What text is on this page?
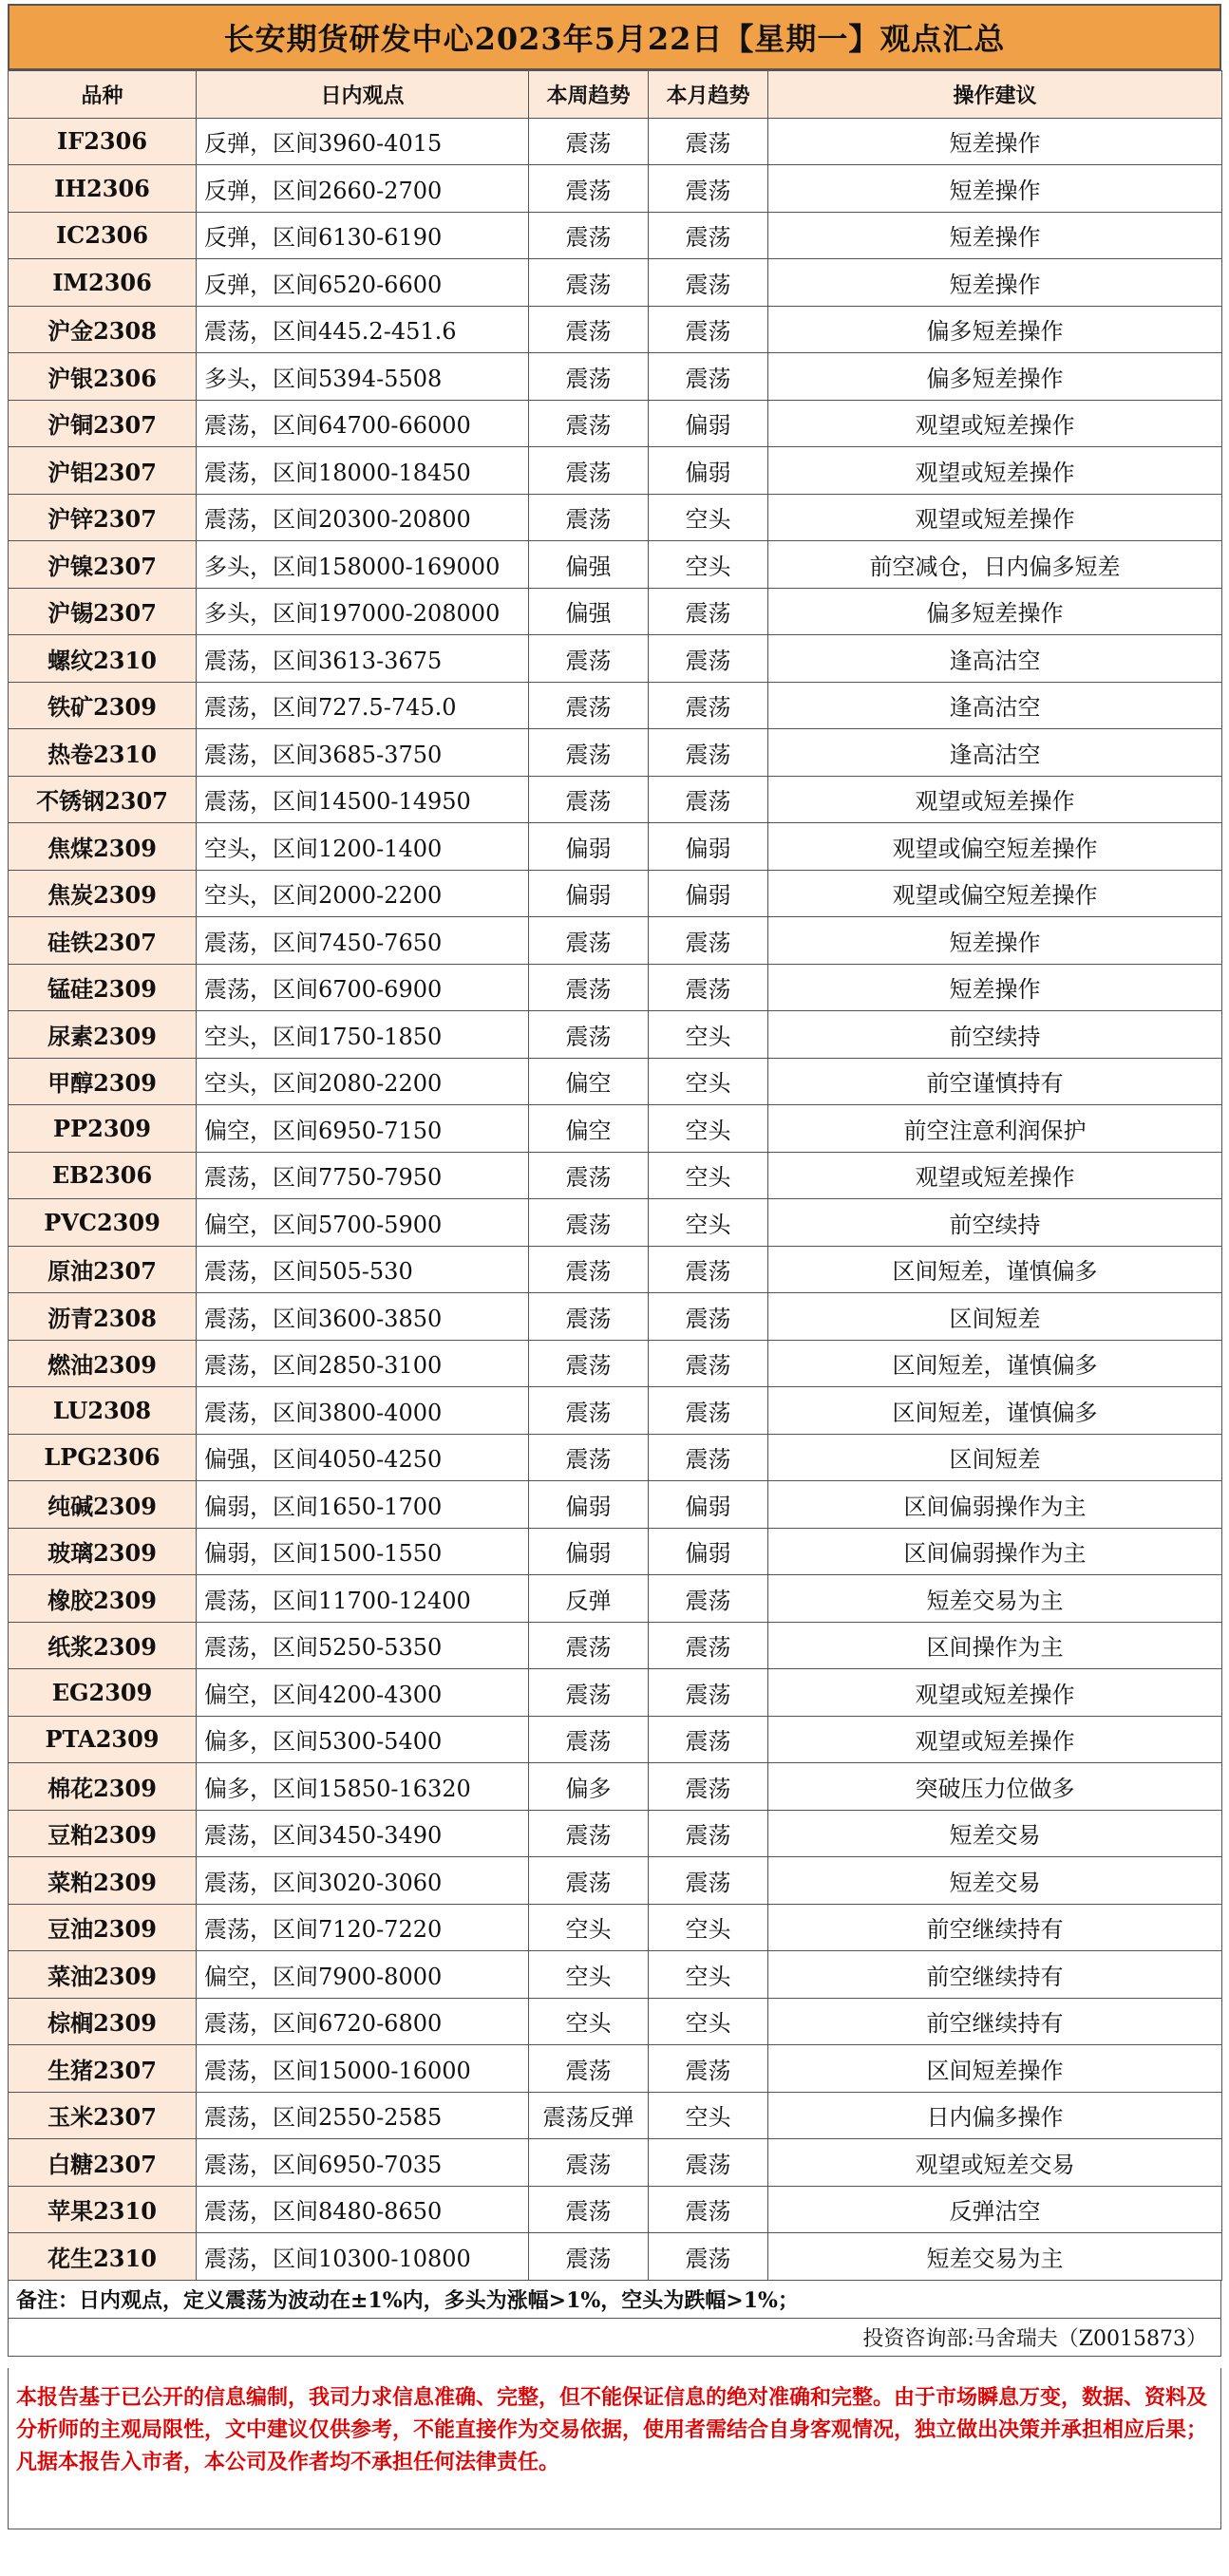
长安期货研发中心2023年5月22日【星期一】观点汇总
品种	日内观点	本周趋势	本月趋势	操作建议
IF2306	反弹，区间3960-4015	震荡	震荡	短差操作
IH2306	反弹，区间2660-2700	震荡	震荡	短差操作
IC2306	反弹，区间6130-6190	震荡	震荡	短差操作
IM2306	反弹，区间6520-6600	震荡	震荡	短差操作
沪金2308	震荡，区间445.2-451.6	震荡	震荡	偏多短差操作
沪银2306	多头，区间5394-5508	震荡	震荡	偏多短差操作
沪铜2307	震荡，区间64700-66000	震荡	偏弱	观望或短差操作
沪铝2307	震荡，区间18000-18450	震荡	偏弱	观望或短差操作
沪锌2307	震荡，区间20300-20800	震荡	空头	观望或短差操作
沪镍2307	多头，区间158000-169000	偏强	空头	前空减仓，日内偏多短差
沪锡2307	多头，区间197000-208000	偏强	震荡	偏多短差操作
螺纹2310	震荡，区间3613-3675	震荡	震荡	逢高沽空
铁矿2309	震荡，区间727.5-745.0	震荡	震荡	逢高沽空
热卷2310	震荡，区间3685-3750	震荡	震荡	逢高沽空
不锈钢2307	震荡，区间14500-14950	震荡	震荡	观望或短差操作
焦煤2309	空头，区间1200-1400	偏弱	偏弱	观望或偏空短差操作
焦炭2309	空头，区间2000-2200	偏弱	偏弱	观望或偏空短差操作
硅铁2307	震荡，区间7450-7650	震荡	震荡	短差操作
锰硅2309	震荡，区间6700-6900	震荡	震荡	短差操作
尿素2309	空头，区间1750-1850	震荡	空头	前空续持
甲醇2309	空头，区间2080-2200	偏空	空头	前空谨慎持有
PP2309	偏空，区间6950-7150	偏空	空头	前空注意利润保护
EB2306	震荡，区间7750-7950	震荡	空头	观望或短差操作
PVC2309	偏空，区间5700-5900	震荡	空头	前空续持
原油2307	震荡，区间505-530	震荡	震荡	区间短差，谨慎偏多
沥青2308	震荡，区间3600-3850	震荡	震荡	区间短差
燃油2309	震荡，区间2850-3100	震荡	震荡	区间短差，谨慎偏多
LU2308	震荡，区间3800-4000	震荡	震荡	区间短差，谨慎偏多
LPG2306	偏强，区间4050-4250	震荡	震荡	区间短差
纯碱2309	偏弱，区间1650-1700	偏弱	偏弱	区间偏弱操作为主
玻璃2309	偏弱，区间1500-1550	偏弱	偏弱	区间偏弱操作为主
橡胶2309	震荡，区间11700-12400	反弹	震荡	短差交易为主
纸浆2309	震荡，区间5250-5350	震荡	震荡	区间操作为主
EG2309	偏空，区间4200-4300	震荡	震荡	观望或短差操作
PTA2309	偏多，区间5300-5400	震荡	震荡	观望或短差操作
棉花2309	偏多，区间15850-16320	偏多	震荡	突破压力位做多
豆粕2309	震荡，区间3450-3490	震荡	震荡	短差交易
菜粕2309	震荡，区间3020-3060	震荡	震荡	短差交易
豆油2309	震荡，区间7120-7220	空头	空头	前空继续持有
菜油2309	偏空，区间7900-8000	空头	空头	前空继续持有
棕榈2309	震荡，区间6720-6800	空头	空头	前空继续持有
生猪2307	震荡，区间15000-16000	震荡	震荡	区间短差操作
玉米2307	震荡，区间2550-2585	震荡反弹	空头	日内偏多操作
白糖2307	震荡，区间6950-7035	震荡	震荡	观望或短差交易
苹果2310	震荡，区间8480-8650	震荡	震荡	反弹沽空
花生2310	震荡，区间10300-10800	震荡	震荡	短差交易为主
备注：日内观点，定义震荡为波动在±1%内，多头为涨幅>1%，空头为跌幅>1%；
投资咨询部:马舍瑞夫（Z0015873）
本报告基于已公开的信息编制，我司力求信息准确、完整，但不能保证信息的绝对准确和完整。由于市场瞬息万变，数据、资料及分析师的主观局限性，文中建议仅供参考，不能直接作为交易依据，使用者需结合自身客观情况，独立做出决策并承担相应后果；凡据本报告入市者，本公司及作者均不承担任何法律责任。
